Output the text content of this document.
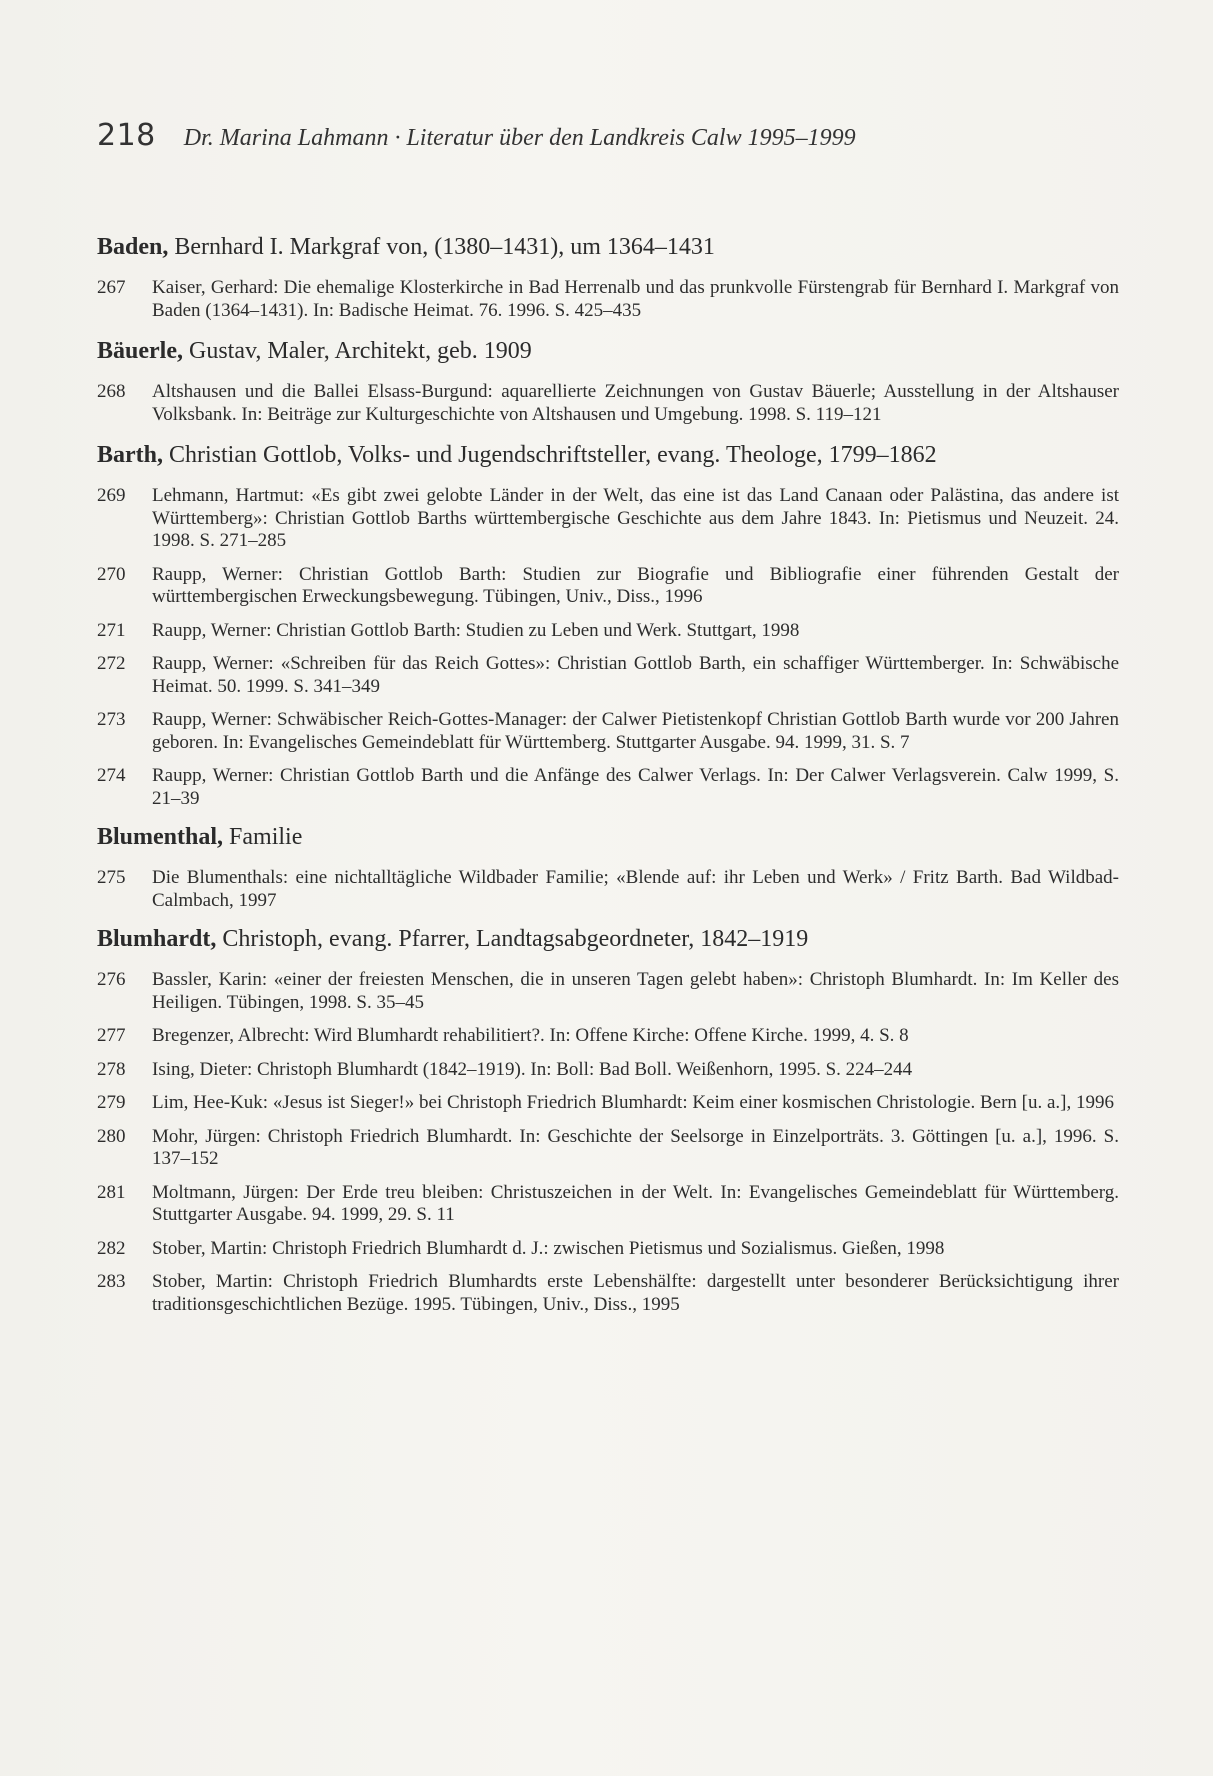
218 Dr. Marina Lahmann · Literatur über den Landkreis Calw 1995–1999
Baden, Bernhard I. Markgraf von, (1380–1431), um 1364–1431
267	Kaiser, Gerhard: Die ehemalige Klosterkirche in Bad Herrenalb und das prunkvolle Fürstengrab für Bernhard I. Markgraf von Baden (1364–1431). In: Badische Heimat. 76. 1996. S. 425–435
Bäuerle, Gustav, Maler, Architekt, geb. 1909
268	Altshausen und die Ballei Elsass-Burgund: aquarellierte Zeichnungen von Gustav Bäuerle; Ausstellung in der Altshauser Volksbank. In: Beiträge zur Kulturgeschichte von Altshausen und Umgebung. 1998. S. 119–121
Barth, Christian Gottlob, Volks- und Jugendschriftsteller, evang. Theologe, 1799–1862
269	Lehmann, Hartmut: «Es gibt zwei gelobte Länder in der Welt, das eine ist das Land Canaan oder Palästina, das andere ist Württemberg»: Christian Gottlob Barths württembergische Geschichte aus dem Jahre 1843. In: Pietismus und Neuzeit. 24. 1998. S. 271–285
270	Raupp, Werner: Christian Gottlob Barth: Studien zur Biografie und Bibliografie einer führenden Gestalt der württembergischen Erweckungsbewegung. Tübingen, Univ., Diss., 1996
271	Raupp, Werner: Christian Gottlob Barth: Studien zu Leben und Werk. Stuttgart, 1998
272	Raupp, Werner: «Schreiben für das Reich Gottes»: Christian Gottlob Barth, ein schaffiger Württemberger. In: Schwäbische Heimat. 50. 1999. S. 341–349
273	Raupp, Werner: Schwäbischer Reich-Gottes-Manager: der Calwer Pietistenkopf Christian Gottlob Barth wurde vor 200 Jahren geboren. In: Evangelisches Gemeindeblatt für Württemberg. Stuttgarter Ausgabe. 94. 1999, 31. S. 7
274	Raupp, Werner: Christian Gottlob Barth und die Anfänge des Calwer Verlags. In: Der Calwer Verlagsverein. Calw 1999, S. 21–39
Blumenthal, Familie
275	Die Blumenthals: eine nichtalltägliche Wildbader Familie; «Blende auf: ihr Leben und Werk» / Fritz Barth. Bad Wildbad-Calmbach, 1997
Blumhardt, Christoph, evang. Pfarrer, Landtagsabgeordneter, 1842–1919
276	Bassler, Karin: «einer der freiesten Menschen, die in unseren Tagen gelebt haben»: Christoph Blumhardt. In: Im Keller des Heiligen. Tübingen, 1998. S. 35–45
277	Bregenzer, Albrecht: Wird Blumhardt rehabilitiert?. In: Offene Kirche: Offene Kirche. 1999, 4. S. 8
278	Ising, Dieter: Christoph Blumhardt (1842–1919). In: Boll: Bad Boll. Weißenhorn, 1995. S. 224–244
279	Lim, Hee-Kuk: «Jesus ist Sieger!» bei Christoph Friedrich Blumhardt: Keim einer kosmischen Christologie. Bern [u. a.], 1996
280	Mohr, Jürgen: Christoph Friedrich Blumhardt. In: Geschichte der Seelsorge in Einzelporträts. 3. Göttingen [u. a.], 1996. S. 137–152
281	Moltmann, Jürgen: Der Erde treu bleiben: Christuszeichen in der Welt. In: Evangelisches Gemeindeblatt für Württemberg. Stuttgarter Ausgabe. 94. 1999, 29. S. 11
282	Stober, Martin: Christoph Friedrich Blumhardt d. J.: zwischen Pietismus und Sozialismus. Gießen, 1998
283	Stober, Martin: Christoph Friedrich Blumhardts erste Lebenshälfte: dargestellt unter besonderer Berücksichtigung ihrer traditionsgeschichtlichen Bezüge. 1995. Tübingen, Univ., Diss., 1995
